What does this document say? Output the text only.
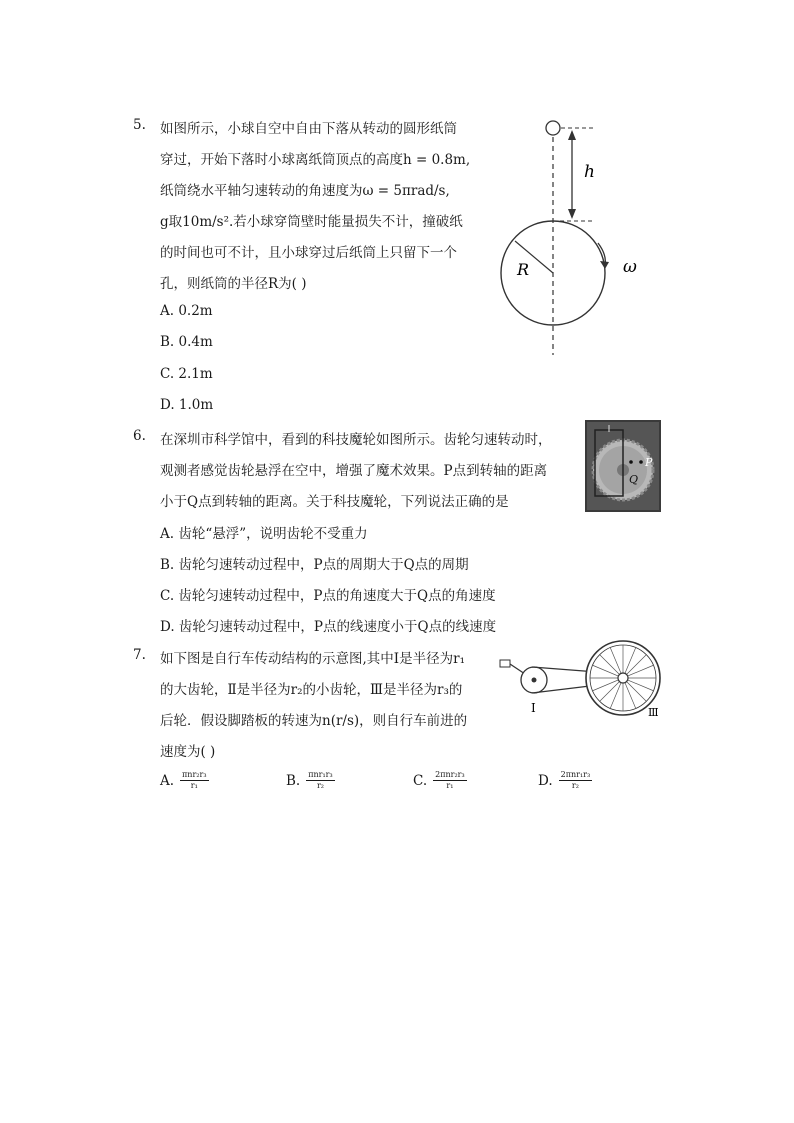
5. 如图所示，小球自空中自由下落从转动的圆形纸筒
穿过，开始下落时小球离纸筒顶点的高度h = 0.8m,
纸筒绕水平轴匀速转动的角速度为ω = 5πrad/s,
g取10m/s².若小球穿筒壁时能量损失不计，撞破纸
的时间也可不计，且小球穿过后纸筒上只留下一个
孔，则纸筒的半径R为( )
A. 0.2m
B. 0.4m
C. 2.1m
D. 1.0m
h
R	ω
6. 在深圳市科学馆中，看到的科技魔轮如图所示。齿轮匀速转动时，
观测者感觉齿轮悬浮在空中，增强了魔术效果。P点到转轴的距离
小于Q点到转轴的距离。关于科技魔轮，下列说法正确的是
A. 齿轮“悬浮”，说明齿轮不受重力
B. 齿轮匀速转动过程中，P点的周期大于Q点的周期
C. 齿轮匀速转动过程中，P点的角速度大于Q点的角速度
D. 齿轮匀速转动过程中，P点的线速度小于Q点的线速度
P
Q
7. 如下图是自行车传动结构的示意图,其中Ⅰ是半径为r₁
的大齿轮，Ⅱ是半径为r₂的小齿轮，Ⅲ是半径为r₃的
后轮．假设脚踏板的转速为n(r/s)，则自行车前进的
速度为( )
A. $\frac{\text{πnr₂r₃}}{\text{r₁}}$	B. $\frac{\text{πnr₁r₃}}{\text{r₂}}$	C. $\frac{\text{2πnr₂r₃}}{\text{r₁}}$	D. $\frac{\text{2πnr₁r₃}}{\text{r₂}}$
Ⅰ	Ⅲ
